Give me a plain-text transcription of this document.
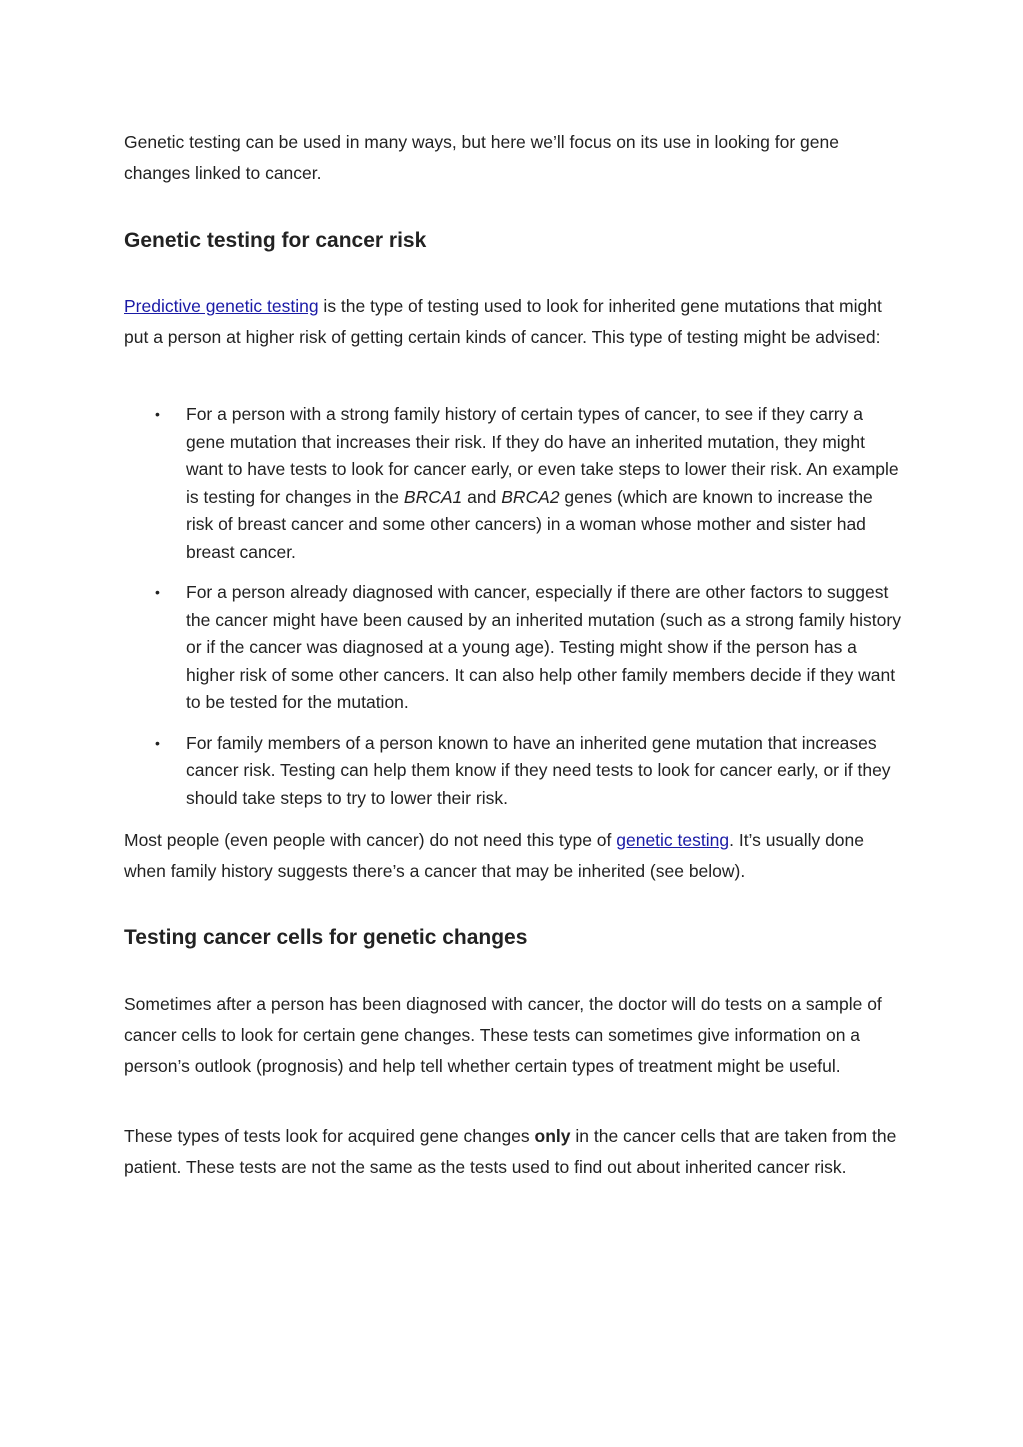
Genetic testing can be used in many ways, but here we’ll focus on its use in looking for gene changes linked to cancer.

Genetic testing for cancer risk

Predictive genetic testing is the type of testing used to look for inherited gene mutations that might put a person at higher risk of getting certain kinds of cancer. This type of testing might be advised:

• For a person with a strong family history of certain types of cancer, to see if they carry a gene mutation that increases their risk. If they do have an inherited mutation, they might want to have tests to look for cancer early, or even take steps to lower their risk. An example is testing for changes in the BRCA1 and BRCA2 genes (which are known to increase the risk of breast cancer and some other cancers) in a woman whose mother and sister had breast cancer.
• For a person already diagnosed with cancer, especially if there are other factors to suggest the cancer might have been caused by an inherited mutation (such as a strong family history or if the cancer was diagnosed at a young age). Testing might show if the person has a higher risk of some other cancers. It can also help other family members decide if they want to be tested for the mutation.
• For family members of a person known to have an inherited gene mutation that increases cancer risk. Testing can help them know if they need tests to look for cancer early, or if they should take steps to try to lower their risk.

Most people (even people with cancer) do not need this type of genetic testing. It’s usually done when family history suggests there’s a cancer that may be inherited (see below).

Testing cancer cells for genetic changes

Sometimes after a person has been diagnosed with cancer, the doctor will do tests on a sample of cancer cells to look for certain gene changes. These tests can sometimes give information on a person’s outlook (prognosis) and help tell whether certain types of treatment might be useful.

These types of tests look for acquired gene changes only in the cancer cells that are taken from the patient. These tests are not the same as the tests used to find out about inherited cancer risk.
